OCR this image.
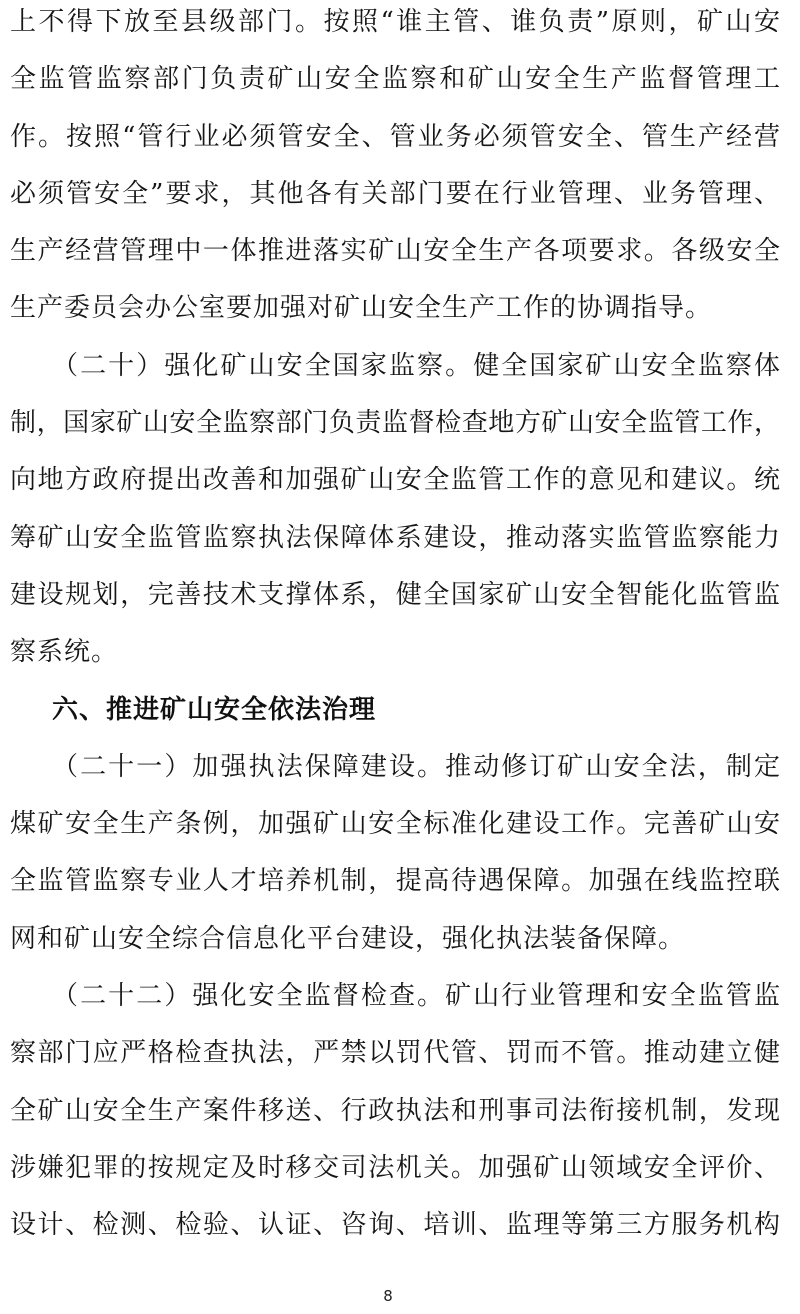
上不得下放至县级部门。按照“谁主管、谁负责”原则，矿山安
全监管监察部门负责矿山安全监察和矿山安全生产监督管理工
作。按照“管行业必须管安全、管业务必须管安全、管生产经营
必须管安全”要求，其他各有关部门要在行业管理、业务管理、
生产经营管理中一体推进落实矿山安全生产各项要求。各级安全
生产委员会办公室要加强对矿山安全生产工作的协调指导。
（二十）强化矿山安全国家监察。健全国家矿山安全监察体
制，国家矿山安全监察部门负责监督检查地方矿山安全监管工作，
向地方政府提出改善和加强矿山安全监管工作的意见和建议。统
筹矿山安全监管监察执法保障体系建设，推动落实监管监察能力
建设规划，完善技术支撑体系，健全国家矿山安全智能化监管监
察系统。
六、推进矿山安全依法治理
（二十一）加强执法保障建设。推动修订矿山安全法，制定
煤矿安全生产条例，加强矿山安全标准化建设工作。完善矿山安
全监管监察专业人才培养机制，提高待遇保障。加强在线监控联
网和矿山安全综合信息化平台建设，强化执法装备保障。
（二十二）强化安全监督检查。矿山行业管理和安全监管监
察部门应严格检查执法，严禁以罚代管、罚而不管。推动建立健
全矿山安全生产案件移送、行政执法和刑事司法衔接机制，发现
涉嫌犯罪的按规定及时移交司法机关。加强矿山领域安全评价、
设计、检测、检验、认证、咨询、培训、监理等第三方服务机构
8
